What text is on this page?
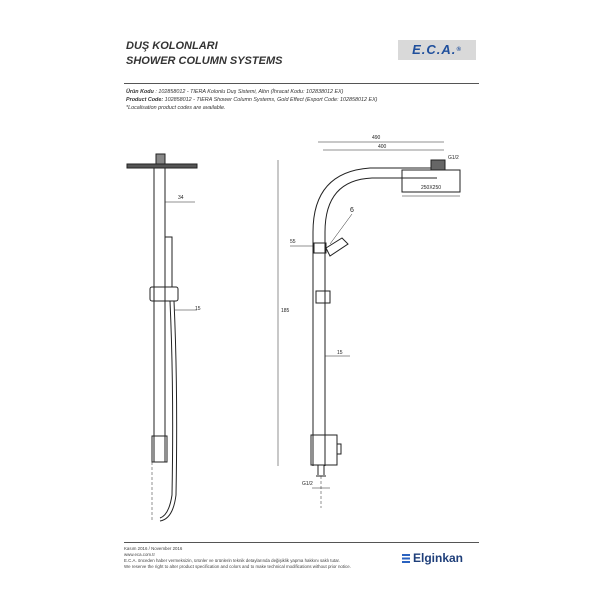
DUŞ KOLONLARI
SHOWER COLUMN SYSTEMS
E.C.A.®
Ürün Kodu : 102858012 - TIERA Kolonlu Duş Sistemi, Altın (İhracat Kodu: 102838012 EX)
Product Code: 102858012 - TIERA Shower Column Systems, Gold Effect (Export Code: 102858012 EX)
*Localisation product codes are available.
490
400
G1/2
250X250
6
55
185
15
G1/2
34
15
Kasım 2016 / November 2016
www.eca.com.tr
E.C.A. önceden haber vermeksizin, ürünler ve ürünlerin teknik detaylarında değişiklik yapma hakkını saklı tutar.
We reserve the right to alter product specification and colors and to make technical modifications without prior notice.
Elginkan
